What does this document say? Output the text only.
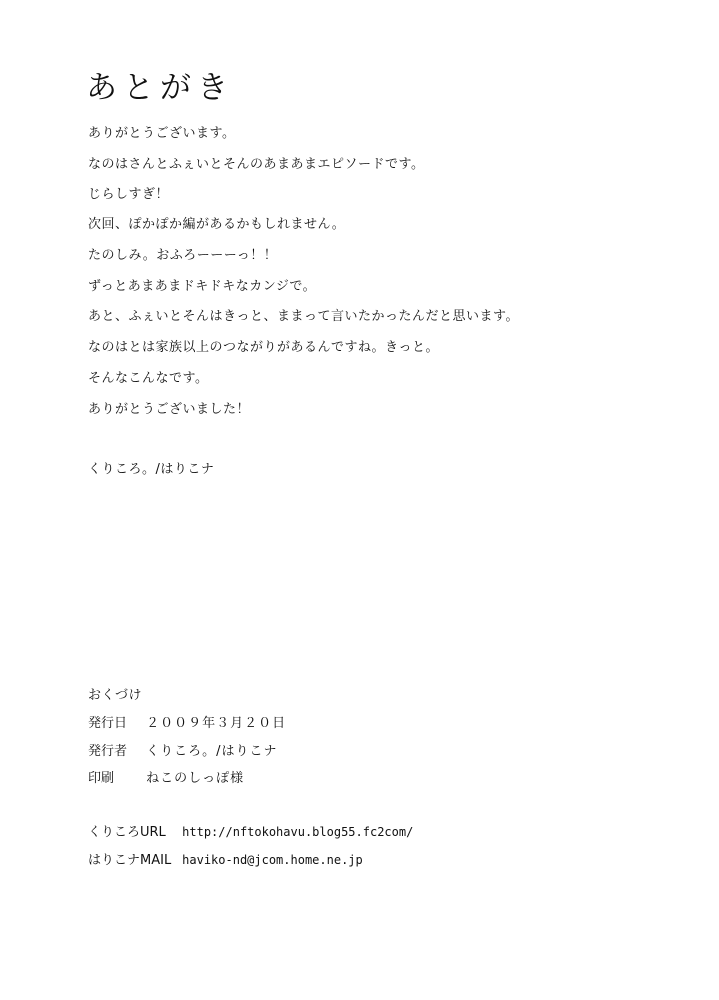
あとがき
ありがとうございます。
なのはさんとふぇいとそんのあまあまエピソードです。
じらしすぎ！
次回、ぽかぽか編があるかもしれません。
たのしみ。おふろーーーっ！！
ずっとあまあまドキドキなカンジで。
あと、ふぇいとそんはきっと、ままって言いたかったんだと思います。
なのはとは家族以上のつながりがあるんですね。きっと。
そんなこんなです。
ありがとうございました！
くりころ。/はりこナ
おくづけ
発行日 ２００９年３月２０日
発行者 くりころ。/はりこナ
印刷 ねこのしっぽ様
くりころURL http://nftokohavu.blog55.fc2com/
はりこナMAIL haviko-nd@jcom.home.ne.jp
